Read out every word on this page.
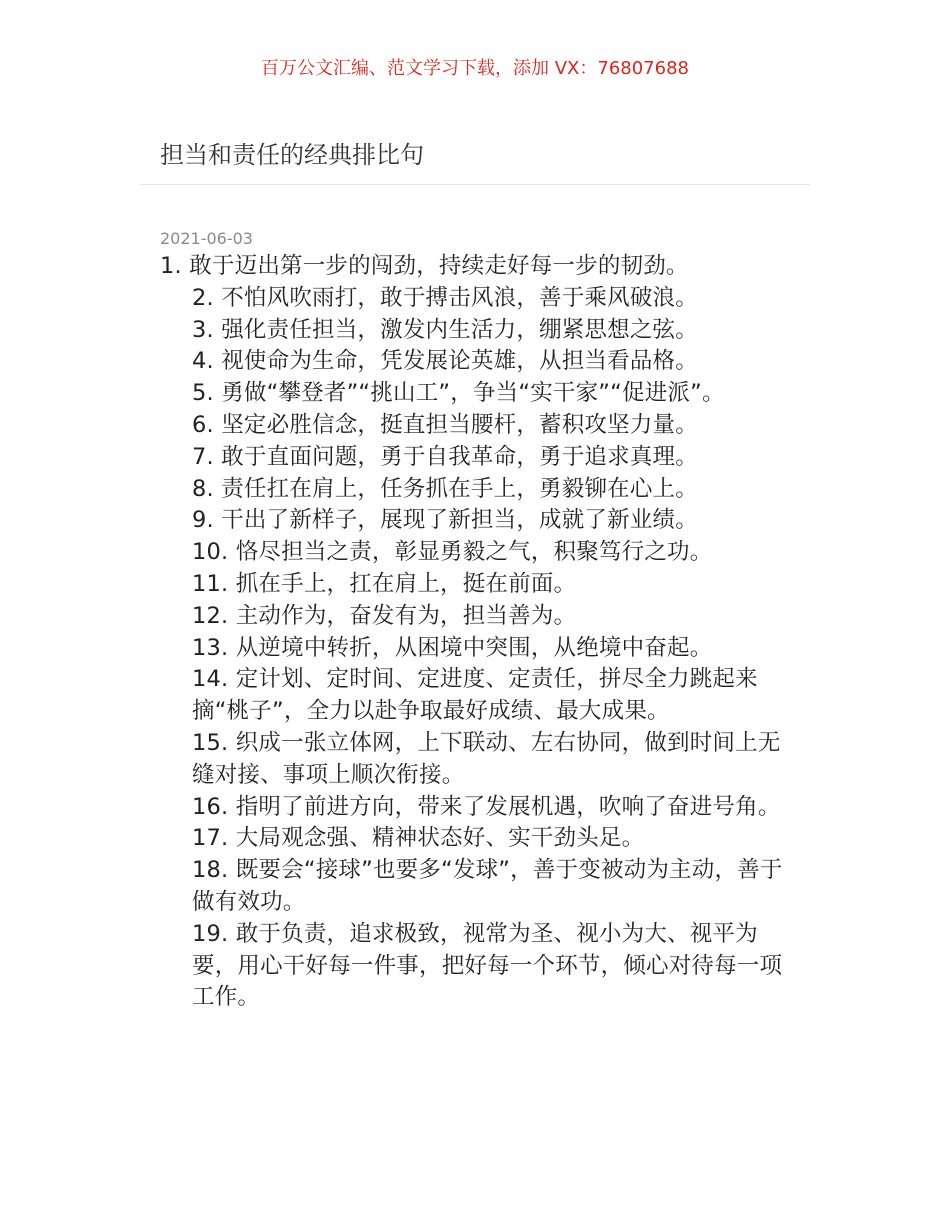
百万公文汇编、范文学习下载，添加 VX：76807688
担当和责任的经典排比句
2021-06-03
1. 敢于迈出第一步的闯劲，持续走好每一步的韧劲。
2. 不怕风吹雨打，敢于搏击风浪，善于乘风破浪。
3. 强化责任担当，激发内生活力，绷紧思想之弦。
4. 视使命为生命，凭发展论英雄，从担当看品格。
5. 勇做“攀登者”“挑山工”，争当“实干家”“促进派”。
6. 坚定必胜信念，挺直担当腰杆，蓄积攻坚力量。
7. 敢于直面问题，勇于自我革命，勇于追求真理。
8. 责任扛在肩上，任务抓在手上，勇毅铆在心上。
9. 干出了新样子，展现了新担当，成就了新业绩。
10. 恪尽担当之责，彰显勇毅之气，积聚笃行之功。
11. 抓在手上，扛在肩上，挺在前面。
12. 主动作为，奋发有为，担当善为。
13. 从逆境中转折，从困境中突围，从绝境中奋起。
14. 定计划、定时间、定进度、定责任，拼尽全力跳起来摘“桃子”，全力以赴争取最好成绩、最大成果。
15. 织成一张立体网，上下联动、左右协同，做到时间上无缝对接、事项上顺次衔接。
16. 指明了前进方向，带来了发展机遇，吹响了奋进号角。
17. 大局观念强、精神状态好、实干劲头足。
18. 既要会“接球”也要多“发球”，善于变被动为主动，善于做有效功。
19. 敢于负责，追求极致，视常为圣、视小为大、视平为要，用心干好每一件事，把好每一个环节，倾心对待每一项工作。
